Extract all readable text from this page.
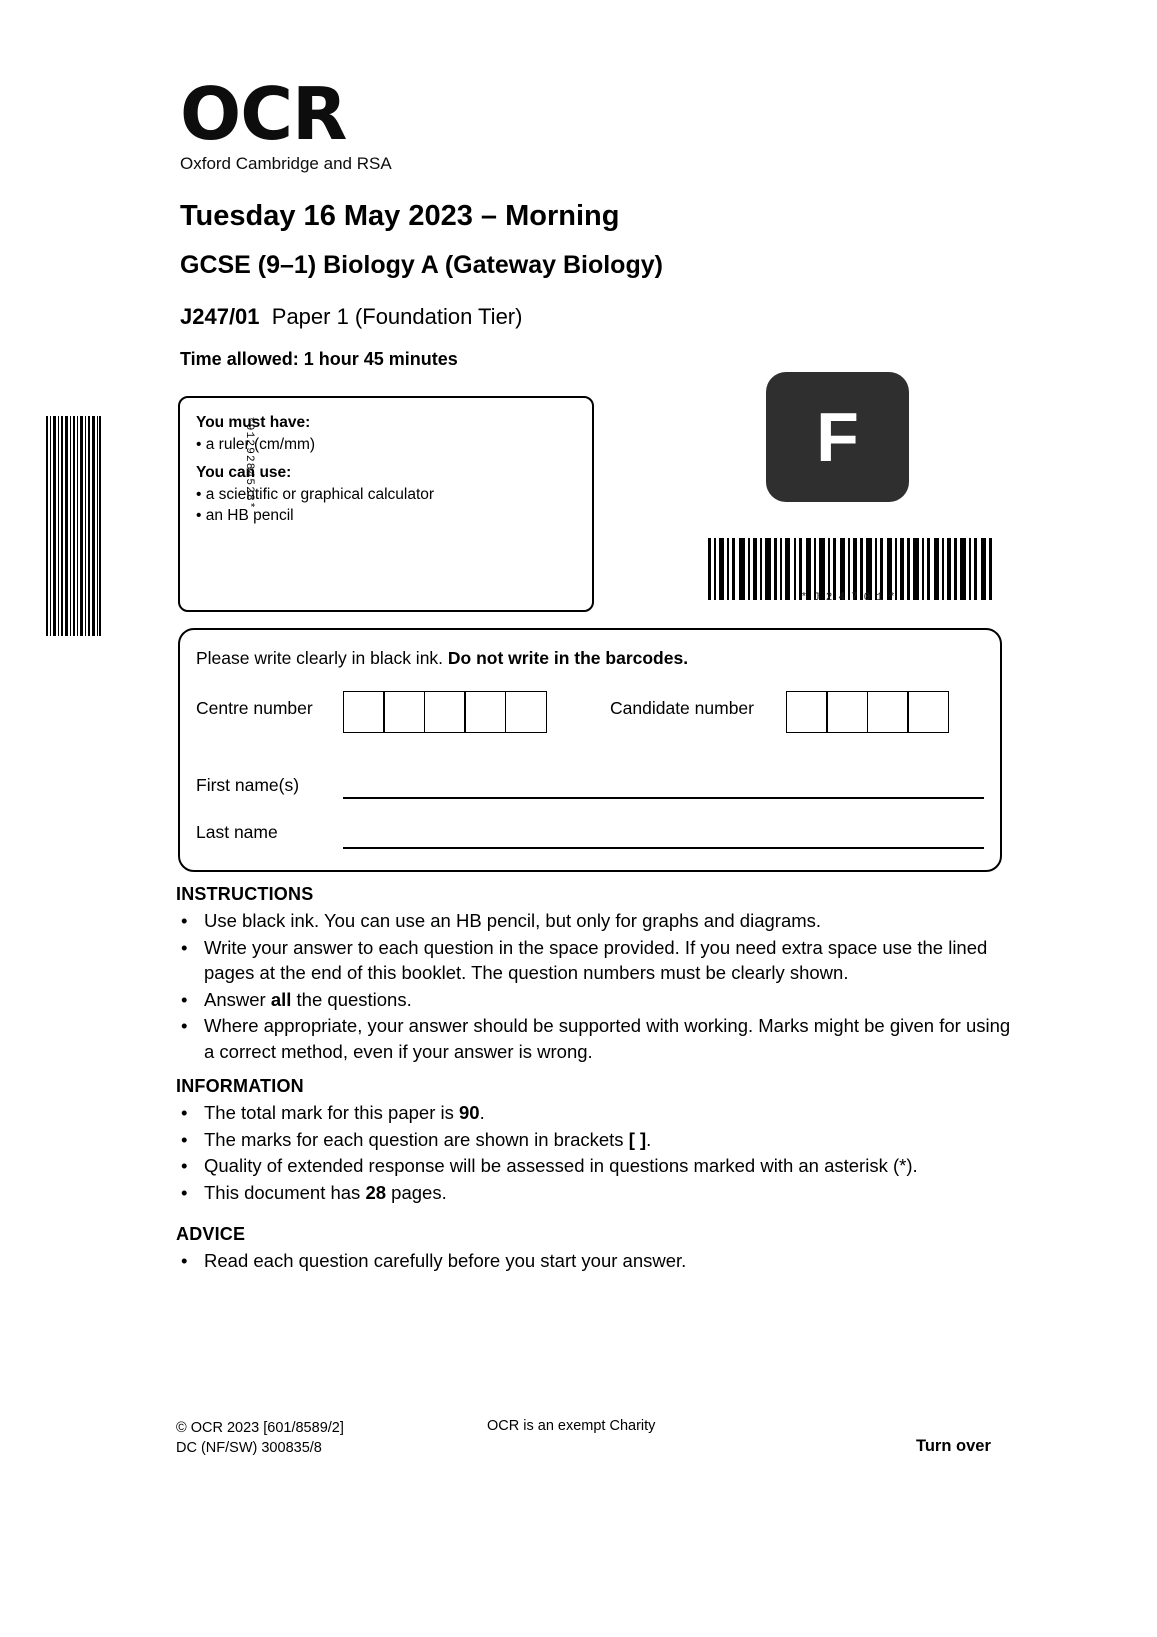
*9129284528*
OCR
Oxford Cambridge and RSA
Tuesday 16 May 2023 – Morning
GCSE (9–1) Biology A (Gateway Biology)
J247/01 Paper 1 (Foundation Tier)
Time allowed: 1 hour 45 minutes
You must have:
• a ruler (cm/mm)
You can use:
• a scientific or graphical calculator
• an HB pencil
F
*J24701*
Please write clearly in black ink. Do not write in the barcodes.
Centre number	Candidate number
First name(s)
Last name
INSTRUCTIONS
• Use black ink. You can use an HB pencil, but only for graphs and diagrams.
• Write your answer to each question in the space provided. If you need extra space use the lined pages at the end of this booklet. The question numbers must be clearly shown.
• Answer all the questions.
• Where appropriate, your answer should be supported with working. Marks might be given for using a correct method, even if your answer is wrong.
INFORMATION
• The total mark for this paper is 90.
• The marks for each question are shown in brackets [ ].
• Quality of extended response will be assessed in questions marked with an asterisk (*).
• This document has 28 pages.
ADVICE
• Read each question carefully before you start your answer.
© OCR 2023 [601/8589/2]
DC (NF/SW) 300835/8
OCR is an exempt Charity
Turn over
